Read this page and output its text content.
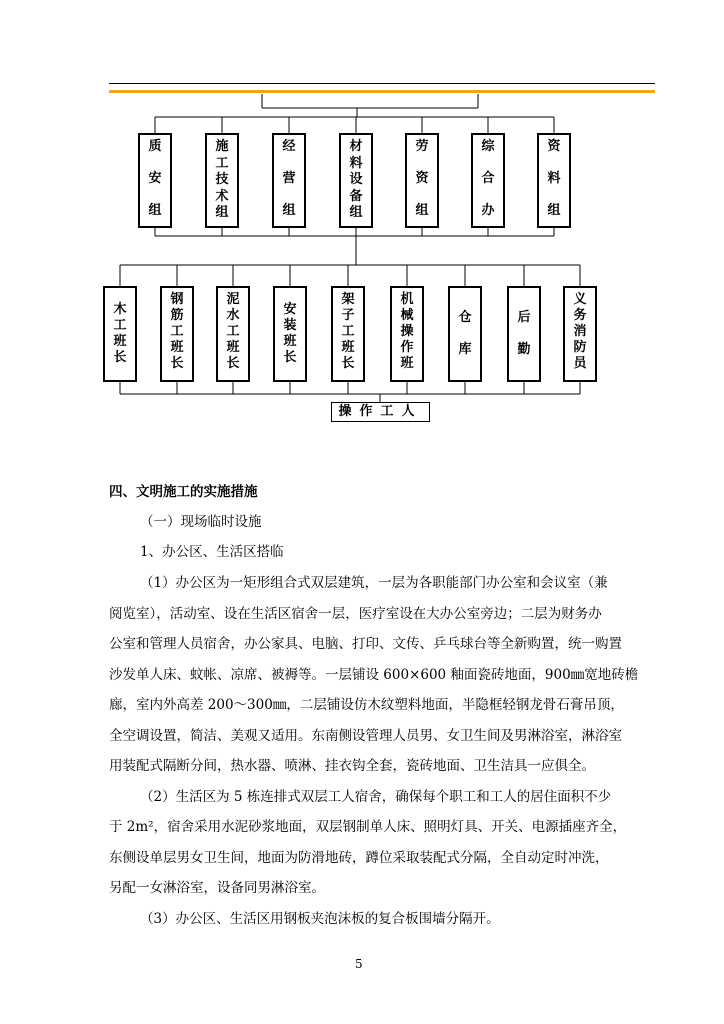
质
安
组
施
工
技
术
组
经
营
组
材
料
设
备
组
劳
资
组
综
合
办
资
料
组
木
工
班
长
钢
筋
工
班
长
泥
水
工
班
长
安
装
班
长
架
子
工
班
长
机
械
操
作
班
仓
库
后
勤
义
务
消
防
员
操作工人
四、文明施工的实施措施
（一）现场临时设施
1、办公区、生活区搭临
（1）办公区为一矩形组合式双层建筑，一层为各职能部门办公室和会议室（兼
阅览室），活动室、设在生活区宿舍一层，医疗室设在大办公室旁边；二层为财务办
公室和管理人员宿舍，办公家具、电脑、打印、文传、乒乓球台等全新购置，统一购置
沙发单人床、蚊帐、凉席、被褥等。一层铺设 600×600 釉面瓷砖地面，900㎜宽地砖檐
廊，室内外高差 200～300㎜，二层铺设仿木纹塑料地面，半隐框轻钢龙骨石膏吊顶，
全空调设置，简洁、美观又适用。东南侧设管理人员男、女卫生间及男淋浴室，淋浴室
用装配式隔断分间，热水器、喷淋、挂衣钩全套，瓷砖地面、卫生洁具一应俱全。
（2）生活区为 5 栋连排式双层工人宿舍，确保每个职工和工人的居住面积不少
于 2m²，宿舍采用水泥砂浆地面，双层钢制单人床、照明灯具、开关、电源插座齐全，
东侧设单层男女卫生间，地面为防滑地砖，蹲位采取装配式分隔，全自动定时冲洗，
另配一女淋浴室，设备同男淋浴室。
（3）办公区、生活区用钢板夹泡沫板的复合板围墙分隔开。
5
